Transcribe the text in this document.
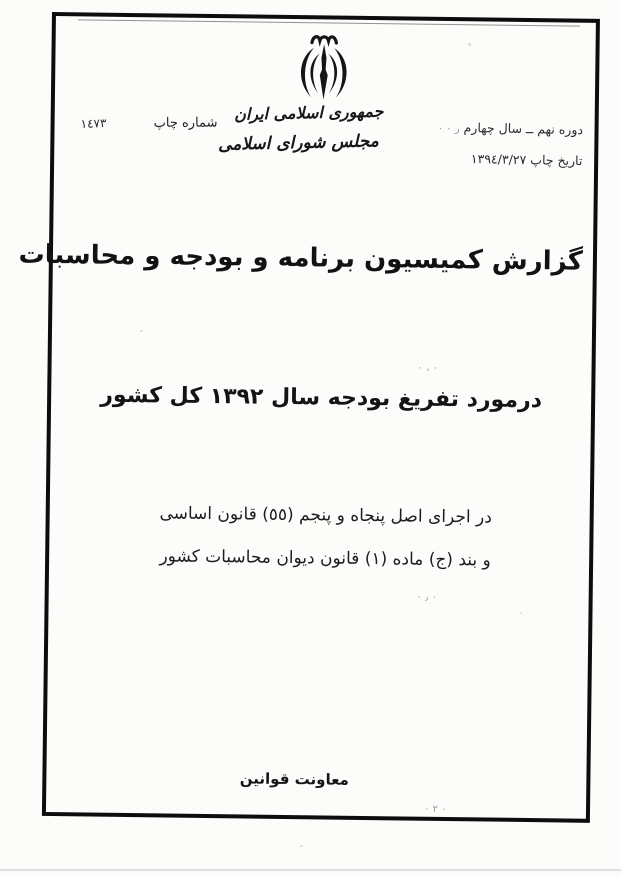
۱٤۷۳	شماره چاپ	دوره نهم ــ سال چهارم ر ٠ ٠
تاریخ چاپ ۱۳۹٤/۳/۲۷
جمهوری اسلامی ایران
مجلس شورای اسلامی
گزارش کمیسیون برنامه و بودجه و محاسبات
٠ ، ٠
درمورد تفریغ بودجه سال ۱۳۹۲ کل کشور
در اجرای اصل پنجاه و پنجم (٥٥) قانون اساسی
و بند (ج) ماده (۱) قانون دیوان محاسبات کشور
٠ ٫ ٠
معاونت قوانین
٠ ٢ ٠
